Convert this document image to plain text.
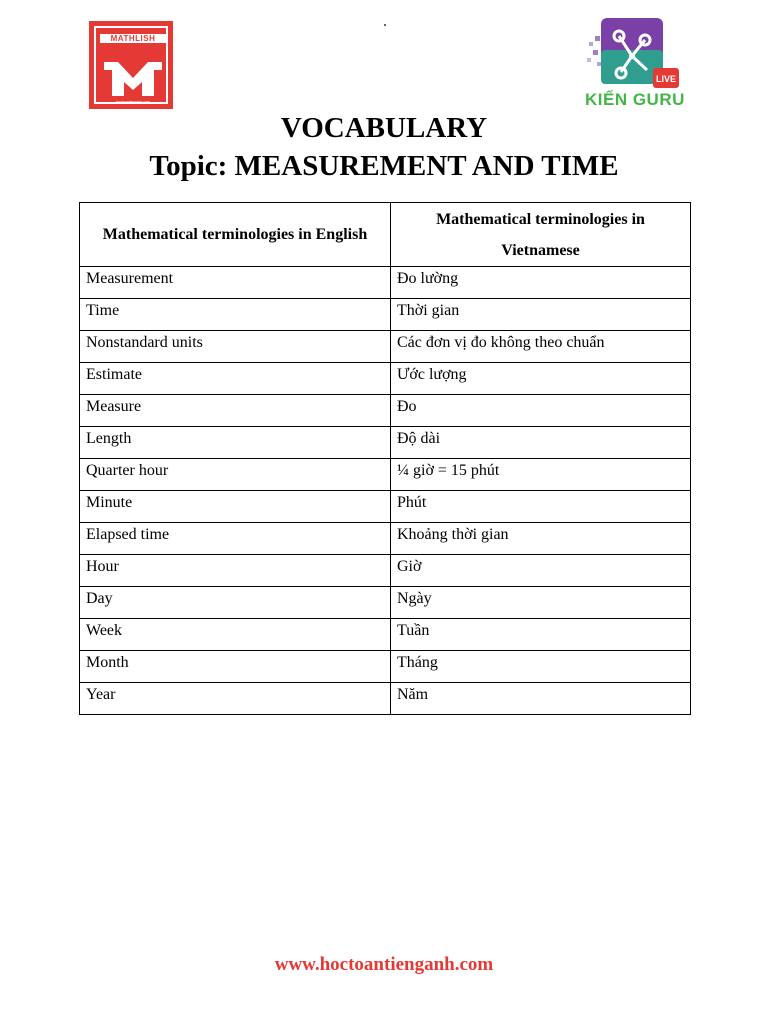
MATHLISH
hoctoantienganh.com
LIVE
KIẾN GURU
VOCABULARY
Topic: MEASUREMENT AND TIME
Mathematical terminologies in English	Mathematical terminologies in Vietnamese
Measurement	Đo lường
Time	Thời gian
Nonstandard units	Các đơn vị đo không theo chuẩn
Estimate	Ước lượng
Measure	Đo
Length	Độ dài
Quarter hour	¼ giờ = 15 phút
Minute	Phút
Elapsed time	Khoảng thời gian
Hour	Giờ
Day	Ngày
Week	Tuần
Month	Tháng
Year	Năm
www.hoctoantienganh.com
